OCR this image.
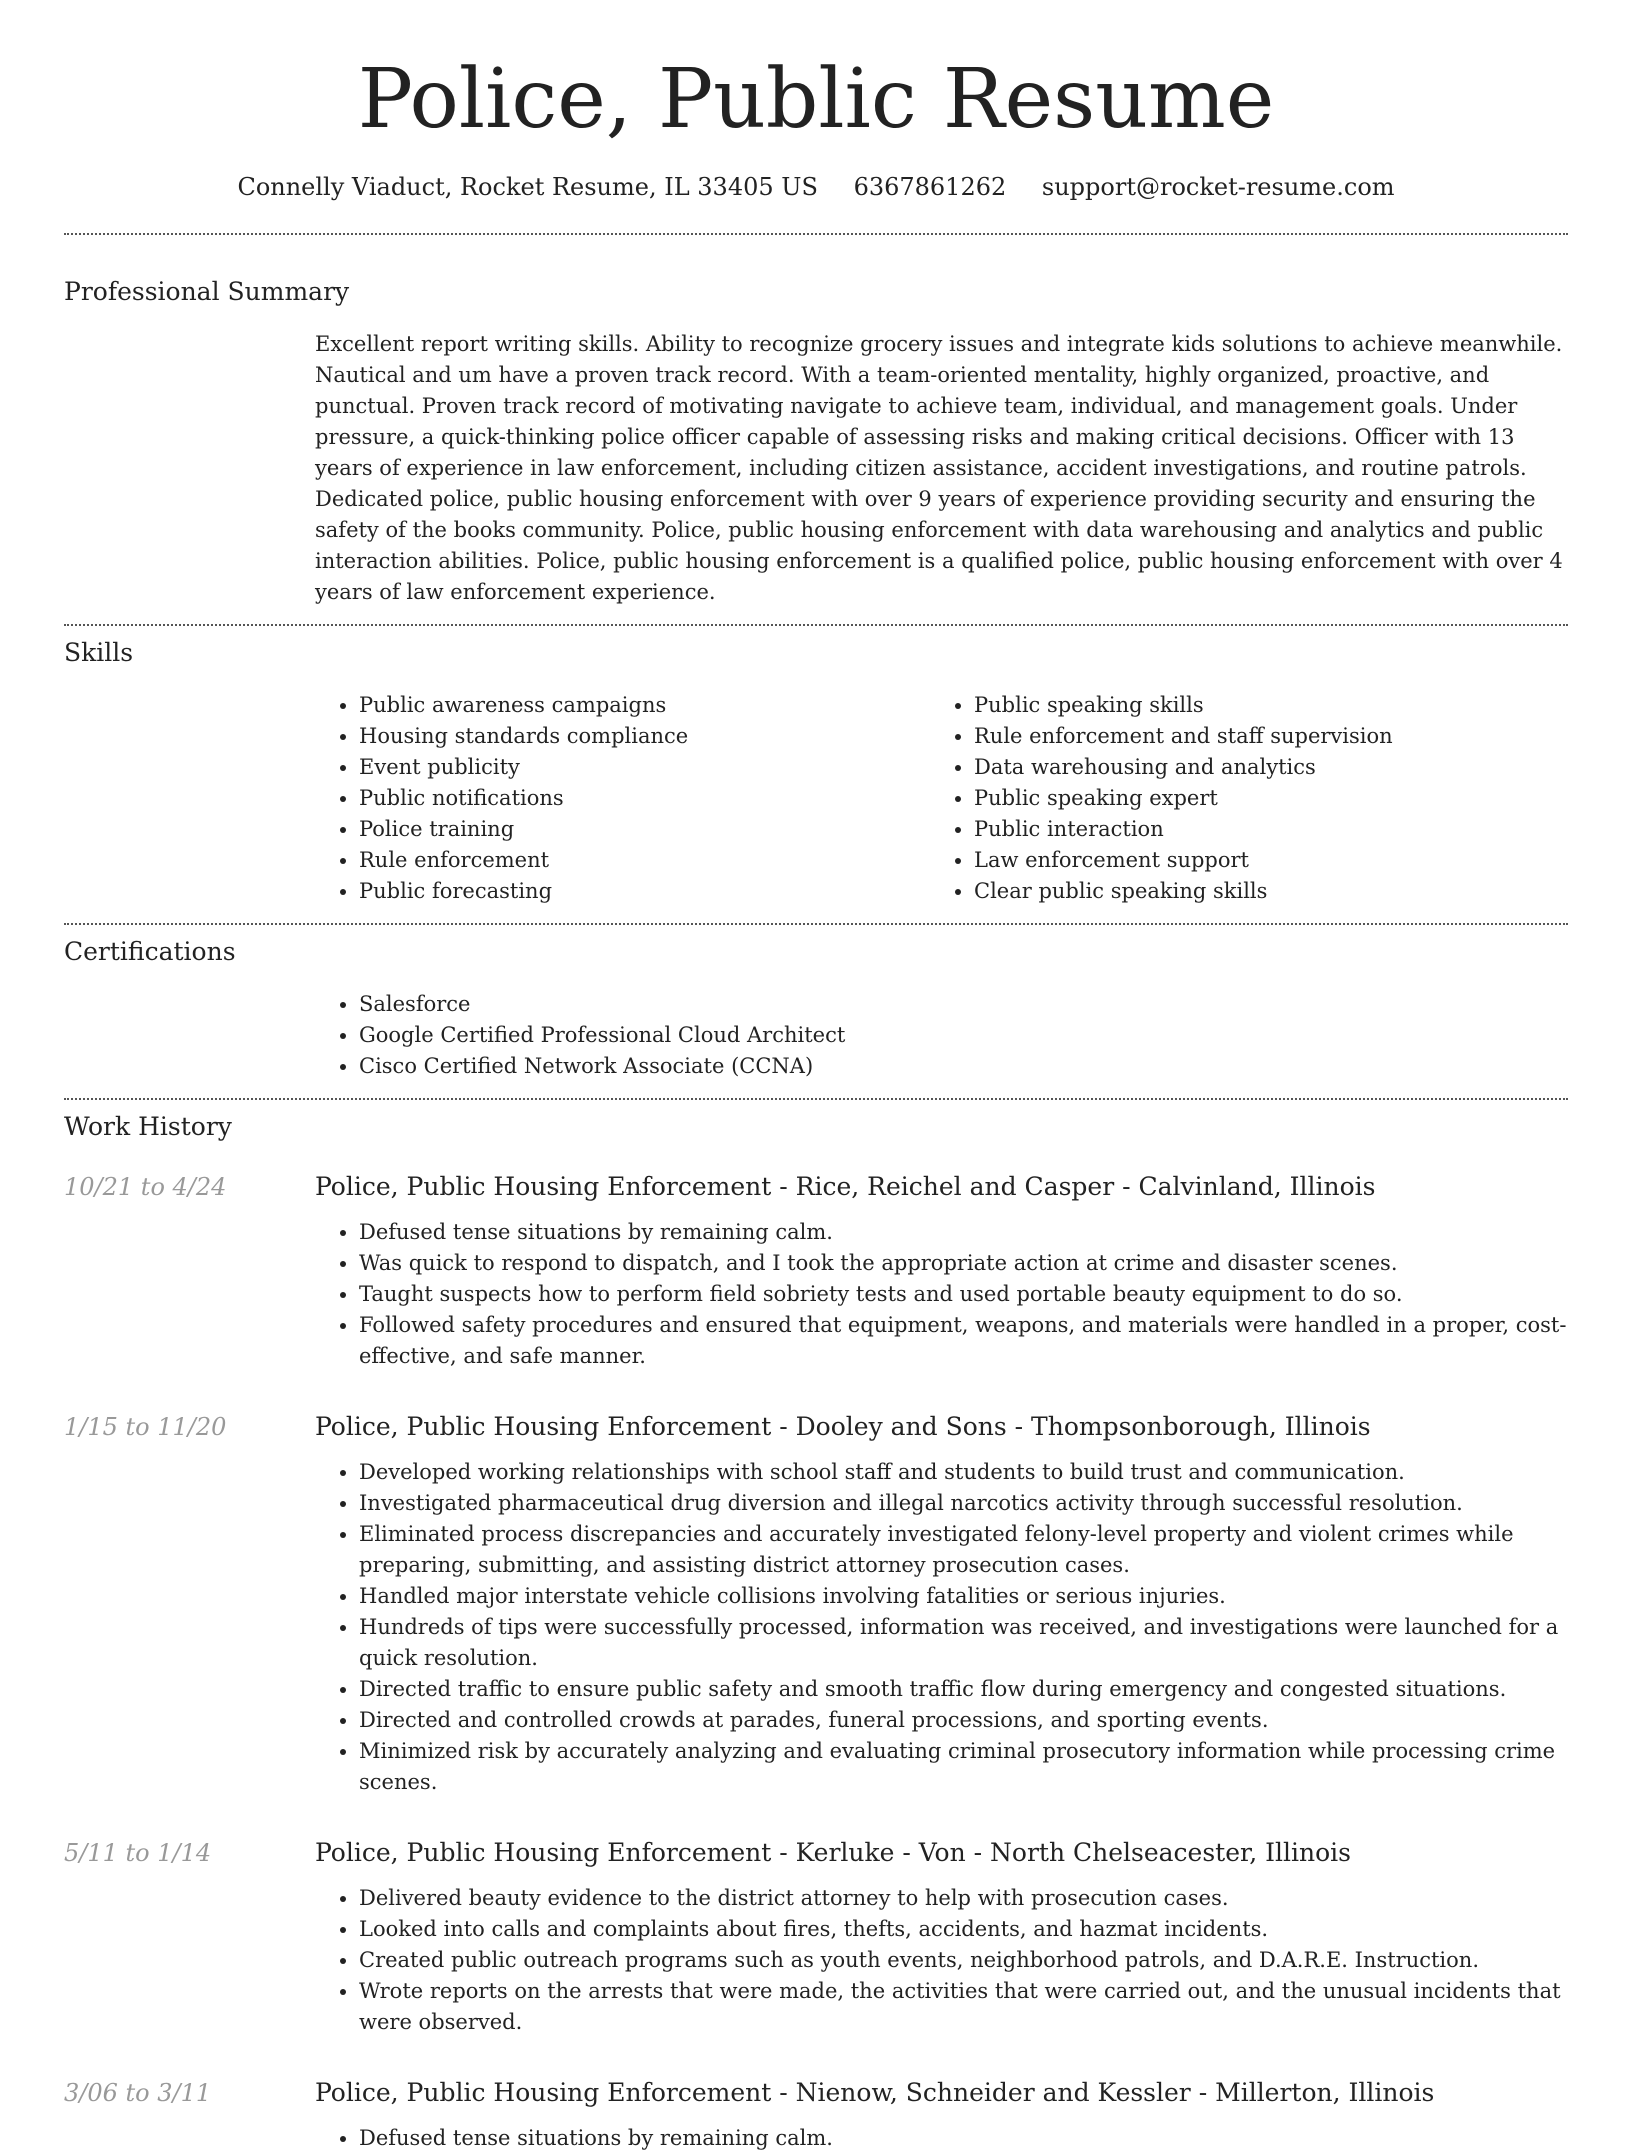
Police, Public Resume
Connelly Viaduct, Rocket Resume, IL 33405 US 6367861262 support@rocket-resume.com
Professional Summary
Excellent report writing skills. Ability to recognize grocery issues and integrate kids solutions to achieve meanwhile. Nautical and um have a proven track record. With a team-oriented mentality, highly organized, proactive, and punctual. Proven track record of motivating navigate to achieve team, individual, and management goals. Under pressure, a quick-thinking police officer capable of assessing risks and making critical decisions. Officer with 13 years of experience in law enforcement, including citizen assistance, accident investigations, and routine patrols. Dedicated police, public housing enforcement with over 9 years of experience providing security and ensuring the safety of the books community. Police, public housing enforcement with data warehousing and analytics and public interaction abilities. Police, public housing enforcement is a qualified police, public housing enforcement with over 4 years of law enforcement experience.
Skills
• Public awareness campaigns
• Housing standards compliance
• Event publicity
• Public notifications
• Police training
• Rule enforcement
• Public forecasting
• Public speaking skills
• Rule enforcement and staff supervision
• Data warehousing and analytics
• Public speaking expert
• Public interaction
• Law enforcement support
• Clear public speaking skills
Certifications
• Salesforce
• Google Certified Professional Cloud Architect
• Cisco Certified Network Associate (CCNA)
Work History
10/21 to 4/24	Police, Public Housing Enforcement - Rice, Reichel and Casper - Calvinland, Illinois
• Defused tense situations by remaining calm.
• Was quick to respond to dispatch, and I took the appropriate action at crime and disaster scenes.
• Taught suspects how to perform field sobriety tests and used portable beauty equipment to do so.
• Followed safety procedures and ensured that equipment, weapons, and materials were handled in a proper, cost-effective, and safe manner.
1/15 to 11/20	Police, Public Housing Enforcement - Dooley and Sons - Thompsonborough, Illinois
• Developed working relationships with school staff and students to build trust and communication.
• Investigated pharmaceutical drug diversion and illegal narcotics activity through successful resolution.
• Eliminated process discrepancies and accurately investigated felony-level property and violent crimes while preparing, submitting, and assisting district attorney prosecution cases.
• Handled major interstate vehicle collisions involving fatalities or serious injuries.
• Hundreds of tips were successfully processed, information was received, and investigations were launched for a quick resolution.
• Directed traffic to ensure public safety and smooth traffic flow during emergency and congested situations.
• Directed and controlled crowds at parades, funeral processions, and sporting events.
• Minimized risk by accurately analyzing and evaluating criminal prosecutory information while processing crime scenes.
5/11 to 1/14	Police, Public Housing Enforcement - Kerluke - Von - North Chelseacester, Illinois
• Delivered beauty evidence to the district attorney to help with prosecution cases.
• Looked into calls and complaints about fires, thefts, accidents, and hazmat incidents.
• Created public outreach programs such as youth events, neighborhood patrols, and D.A.R.E. Instruction.
• Wrote reports on the arrests that were made, the activities that were carried out, and the unusual incidents that were observed.
3/06 to 3/11	Police, Public Housing Enforcement - Nienow, Schneider and Kessler - Millerton, Illinois
• Defused tense situations by remaining calm.
